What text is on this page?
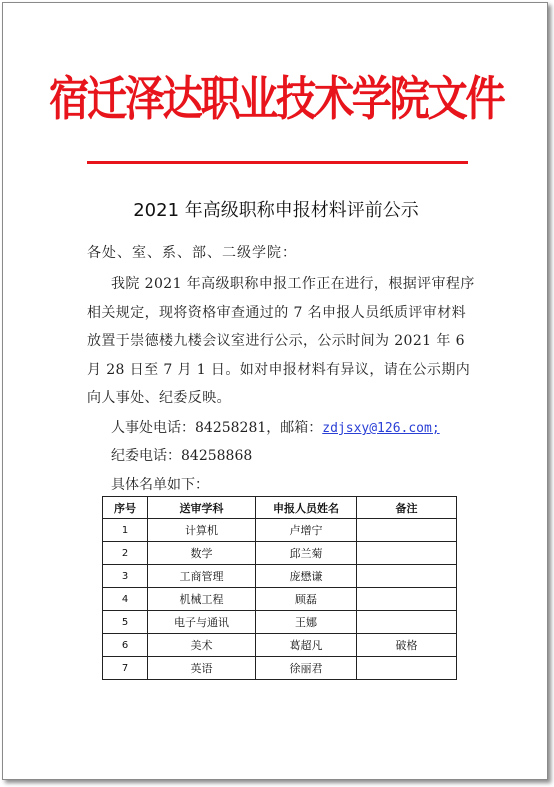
宿迁泽达职业技术学院文件
2021 年高级职称申报材料评前公示
各处、室、系、部、二级学院：
我院 2021 年高级职称申报工作正在进行，根据评审程序
相关规定，现将资格审查通过的 7 名申报人员纸质评审材料
放置于崇德楼九楼会议室进行公示，公示时间为 2021 年 6
月 28 日至 7 月 1 日。如对申报材料有异议，请在公示期内
向人事处、纪委反映。
人事处电话：84258281，邮箱：zdjsxy@126.com;
纪委电话：84258868
具体名单如下：
序号	送审学科	申报人员姓名	备注
1	计算机	卢增宁	
2	数学	邱兰菊	
3	工商管理	庞懋谦	
4	机械工程	顾磊	
5	电子与通讯	王娜	
6	美术	葛超凡	破格
7	英语	徐丽君	
